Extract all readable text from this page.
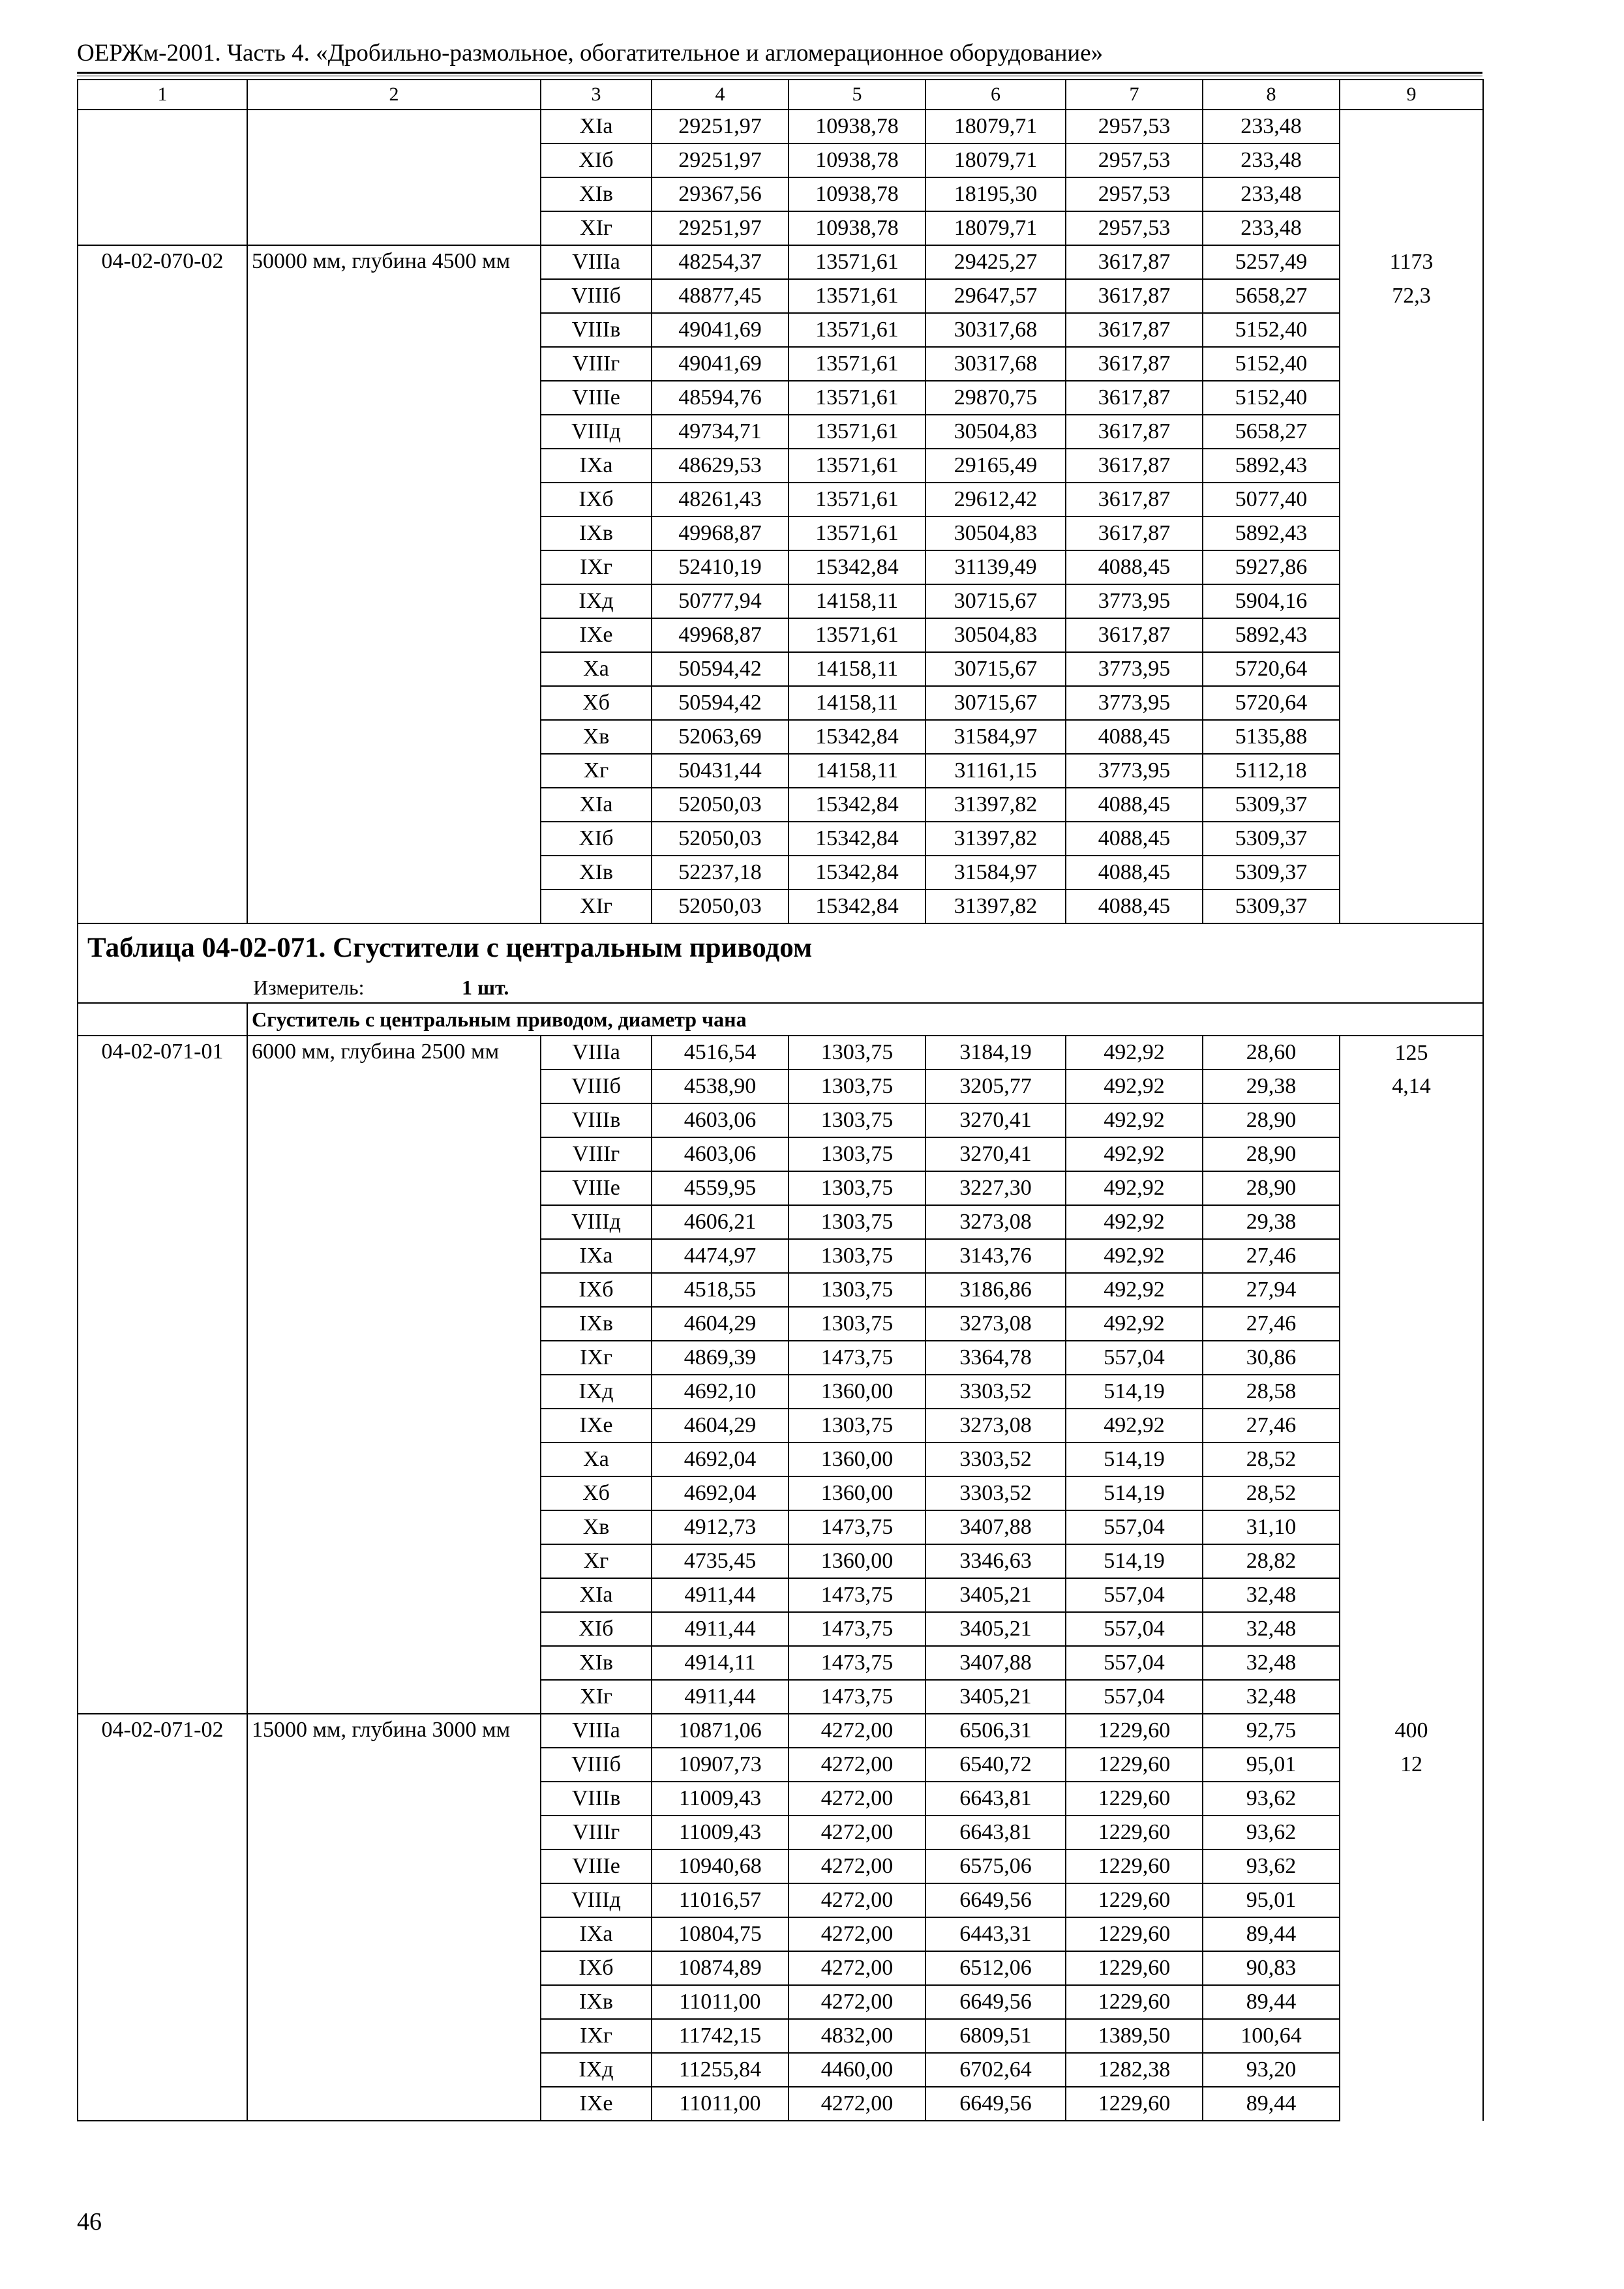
ОЕРЖм-2001. Часть 4. «Дробильно-размольное, обогатительное и агломерационное оборудование»
1	2	3	4	5	6	7	8	9
		XIа	29251,97	10938,78	18079,71	2957,53	233,48	
		XIб	29251,97	10938,78	18079,71	2957,53	233,48	
		XIв	29367,56	10938,78	18195,30	2957,53	233,48	
		XIг	29251,97	10938,78	18079,71	2957,53	233,48	
04-02-070-02	50000 мм, глубина 4500 мм	VIIIа	48254,37	13571,61	29425,27	3617,87	5257,49	1173
		VIIIб	48877,45	13571,61	29647,57	3617,87	5658,27	72,3
		VIIIв	49041,69	13571,61	30317,68	3617,87	5152,40	
		VIIIг	49041,69	13571,61	30317,68	3617,87	5152,40	
		VIIIе	48594,76	13571,61	29870,75	3617,87	5152,40	
		VIIIд	49734,71	13571,61	30504,83	3617,87	5658,27	
		IXа	48629,53	13571,61	29165,49	3617,87	5892,43	
		IXб	48261,43	13571,61	29612,42	3617,87	5077,40	
		IXв	49968,87	13571,61	30504,83	3617,87	5892,43	
		IXг	52410,19	15342,84	31139,49	4088,45	5927,86	
		IXд	50777,94	14158,11	30715,67	3773,95	5904,16	
		IXе	49968,87	13571,61	30504,83	3617,87	5892,43	
		Xа	50594,42	14158,11	30715,67	3773,95	5720,64	
		Xб	50594,42	14158,11	30715,67	3773,95	5720,64	
		Xв	52063,69	15342,84	31584,97	4088,45	5135,88	
		Xг	50431,44	14158,11	31161,15	3773,95	5112,18	
		XIа	52050,03	15342,84	31397,82	4088,45	5309,37	
		XIб	52050,03	15342,84	31397,82	4088,45	5309,37	
		XIв	52237,18	15342,84	31584,97	4088,45	5309,37	
		XIг	52050,03	15342,84	31397,82	4088,45	5309,37	
Таблица 04-02-071. Сгустители с центральным приводом								
Измеритель: 1 шт.								
	Сгуститель с центральным приводом, диаметр чана							
04-02-071-01	6000 мм, глубина 2500 мм	VIIIа	4516,54	1303,75	3184,19	492,92	28,60	125
		VIIIб	4538,90	1303,75	3205,77	492,92	29,38	4,14
		VIIIв	4603,06	1303,75	3270,41	492,92	28,90	
		VIIIг	4603,06	1303,75	3270,41	492,92	28,90	
		VIIIе	4559,95	1303,75	3227,30	492,92	28,90	
		VIIIд	4606,21	1303,75	3273,08	492,92	29,38	
		IXа	4474,97	1303,75	3143,76	492,92	27,46	
		IXб	4518,55	1303,75	3186,86	492,92	27,94	
		IXв	4604,29	1303,75	3273,08	492,92	27,46	
		IXг	4869,39	1473,75	3364,78	557,04	30,86	
		IXд	4692,10	1360,00	3303,52	514,19	28,58	
		IXе	4604,29	1303,75	3273,08	492,92	27,46	
		Xа	4692,04	1360,00	3303,52	514,19	28,52	
		Xб	4692,04	1360,00	3303,52	514,19	28,52	
		Xв	4912,73	1473,75	3407,88	557,04	31,10	
		Xг	4735,45	1360,00	3346,63	514,19	28,82	
		XIа	4911,44	1473,75	3405,21	557,04	32,48	
		XIб	4911,44	1473,75	3405,21	557,04	32,48	
		XIв	4914,11	1473,75	3407,88	557,04	32,48	
		XIг	4911,44	1473,75	3405,21	557,04	32,48	
04-02-071-02	15000 мм, глубина 3000 мм	VIIIа	10871,06	4272,00	6506,31	1229,60	92,75	400
		VIIIб	10907,73	4272,00	6540,72	1229,60	95,01	12
		VIIIв	11009,43	4272,00	6643,81	1229,60	93,62	
		VIIIг	11009,43	4272,00	6643,81	1229,60	93,62	
		VIIIе	10940,68	4272,00	6575,06	1229,60	93,62	
		VIIIд	11016,57	4272,00	6649,56	1229,60	95,01	
		IXа	10804,75	4272,00	6443,31	1229,60	89,44	
		IXб	10874,89	4272,00	6512,06	1229,60	90,83	
		IXв	11011,00	4272,00	6649,56	1229,60	89,44	
		IXг	11742,15	4832,00	6809,51	1389,50	100,64	
		IXд	11255,84	4460,00	6702,64	1282,38	93,20	
		IXе	11011,00	4272,00	6649,56	1229,60	89,44	
46
